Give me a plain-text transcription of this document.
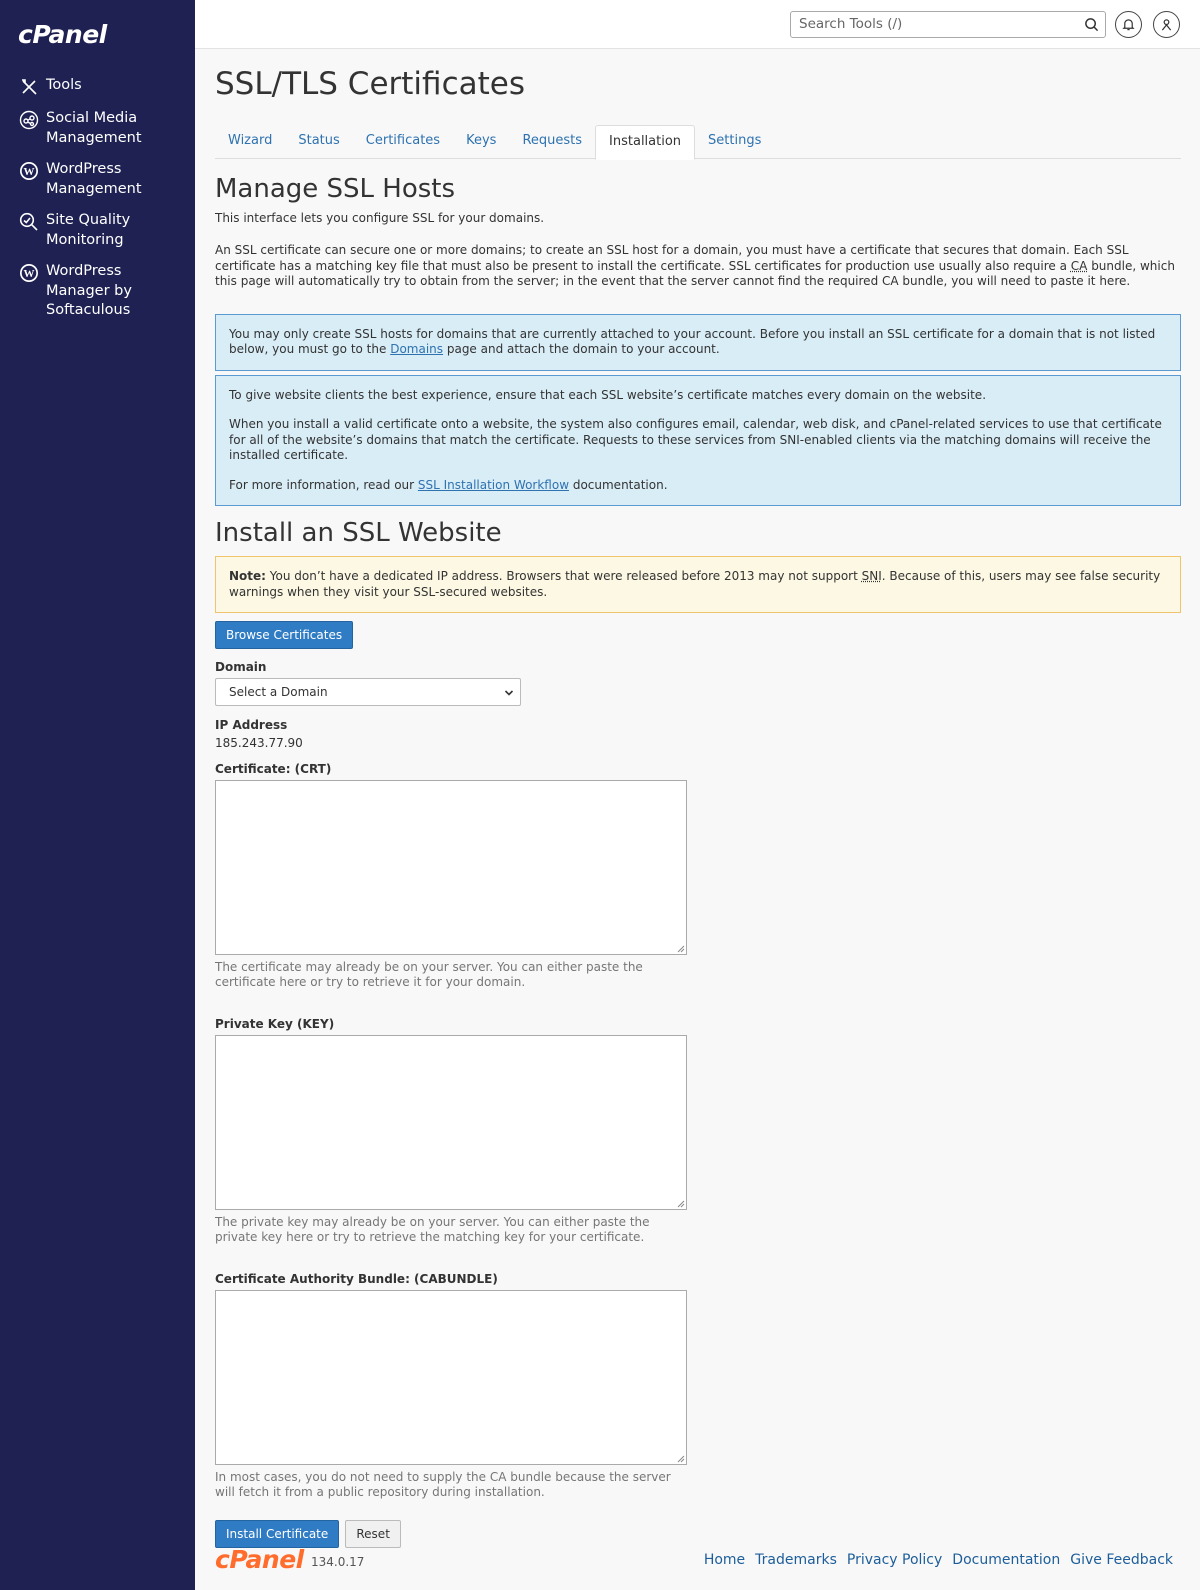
cPanel
Tools
Social Media Management
W WordPress Management
Site Quality Monitoring
W WordPress Manager by Softaculous
Search Tools (/)
SSL/TLS Certificates
Wizard	Status	Certificates	Keys	Requests	Installation	Settings
Manage SSL Hosts
This interface lets you configure SSL for your domains.
An SSL certificate can secure one or more domains; to create an SSL host for a domain, you must have a certificate that secures that domain. Each SSL certificate has a matching key file that must also be present to install the certificate. SSL certificates for production use usually also require a CA bundle, which this page will automatically try to obtain from the server; in the event that the server cannot find the required CA bundle, you will need to paste it here.

You may only create SSL hosts for domains that are currently attached to your account. Before you install an SSL certificate for a domain that is not listed below, you must go to the Domains page and attach the domain to your account.

To give website clients the best experience, ensure that each SSL website’s certificate matches every domain on the website.

When you install a valid certificate onto a website, the system also configures email, calendar, web disk, and cPanel-related services to use that certificate for all of the website’s domains that match the certificate. Requests to these services from SNI-enabled clients via the matching domains will receive the installed certificate.

For more information, read our SSL Installation Workflow documentation.

Install an SSL Website
Note: You don’t have a dedicated IP address. Browsers that were released before 2013 may not support SNI. Because of this, users may see false security warnings when they visit your SSL-secured websites.
Browse Certificates
Domain
Select a Domain
IP Address
185.243.77.90
Certificate: (CRT)
The certificate may already be on your server. You can either paste the certificate here or try to retrieve it for your domain.
Private Key (KEY)
The private key may already be on your server. You can either paste the private key here or try to retrieve the matching key for your certificate.
Certificate Authority Bundle: (CABUNDLE)
In most cases, you do not need to supply the CA bundle because the server will fetch it from a public repository during installation.
Install Certificate Reset
cPanel 134.0.17	Home Trademarks Privacy Policy Documentation Give Feedback
